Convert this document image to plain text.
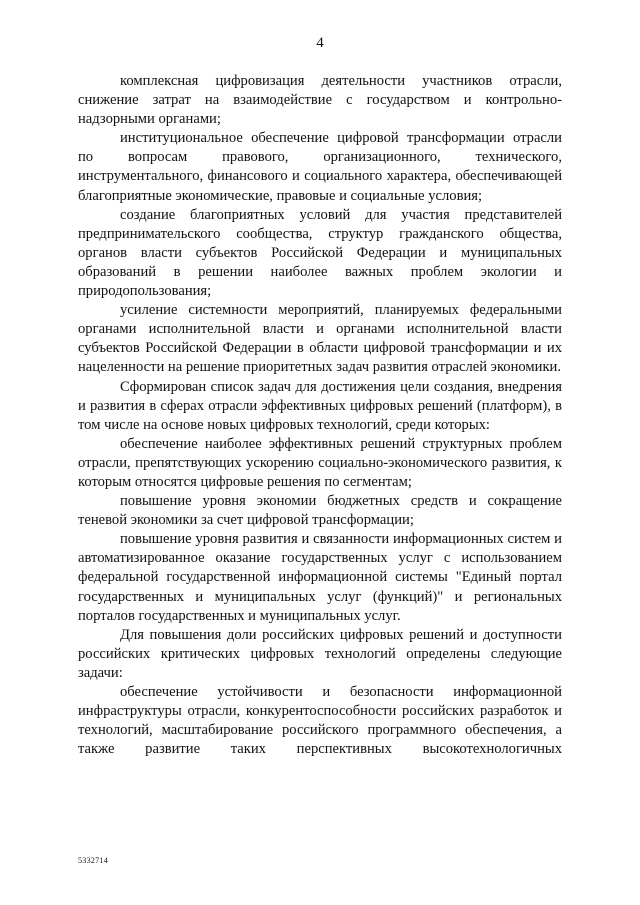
4

комплексная цифровизация деятельности участников отрасли, снижение затрат на взаимодействие с государством и контрольно-надзорными органами;

институциональное обеспечение цифровой трансформации отрасли по вопросам правового, организационного, технического, инструментального, финансового и социального характера, обеспечивающей благоприятные экономические, правовые и социальные условия;

создание благоприятных условий для участия представителей предпринимательского сообщества, структур гражданского общества, органов власти субъектов Российской Федерации и муниципальных образований в решении наиболее важных проблем экологии и природопользования;

усиление системности мероприятий, планируемых федеральными органами исполнительной власти и органами исполнительной власти субъектов Российской Федерации в области цифровой трансформации и их нацеленности на решение приоритетных задач развития отраслей экономики.

Сформирован список задач для достижения цели создания, внедрения и развития в сферах отрасли эффективных цифровых решений (платформ), в том числе на основе новых цифровых технологий, среди которых:

обеспечение наиболее эффективных решений структурных проблем отрасли, препятствующих ускорению социально-экономического развития, к которым относятся цифровые решения по сегментам;

повышение уровня экономии бюджетных средств и сокращение теневой экономики за счет цифровой трансформации;

повышение уровня развития и связанности информационных систем и автоматизированное оказание государственных услуг с использованием федеральной государственной информационной системы "Единый портал государственных и муниципальных услуг (функций)" и региональных порталов государственных и муниципальных услуг.

Для повышения доли российских цифровых решений и доступности российских критических цифровых технологий определены следующие задачи:

обеспечение устойчивости и безопасности информационной инфраструктуры отрасли, конкурентоспособности российских разработок и технологий, масштабирование российского программного обеспечения, а также развитие таких перспективных высокотехнологичных

5332714
